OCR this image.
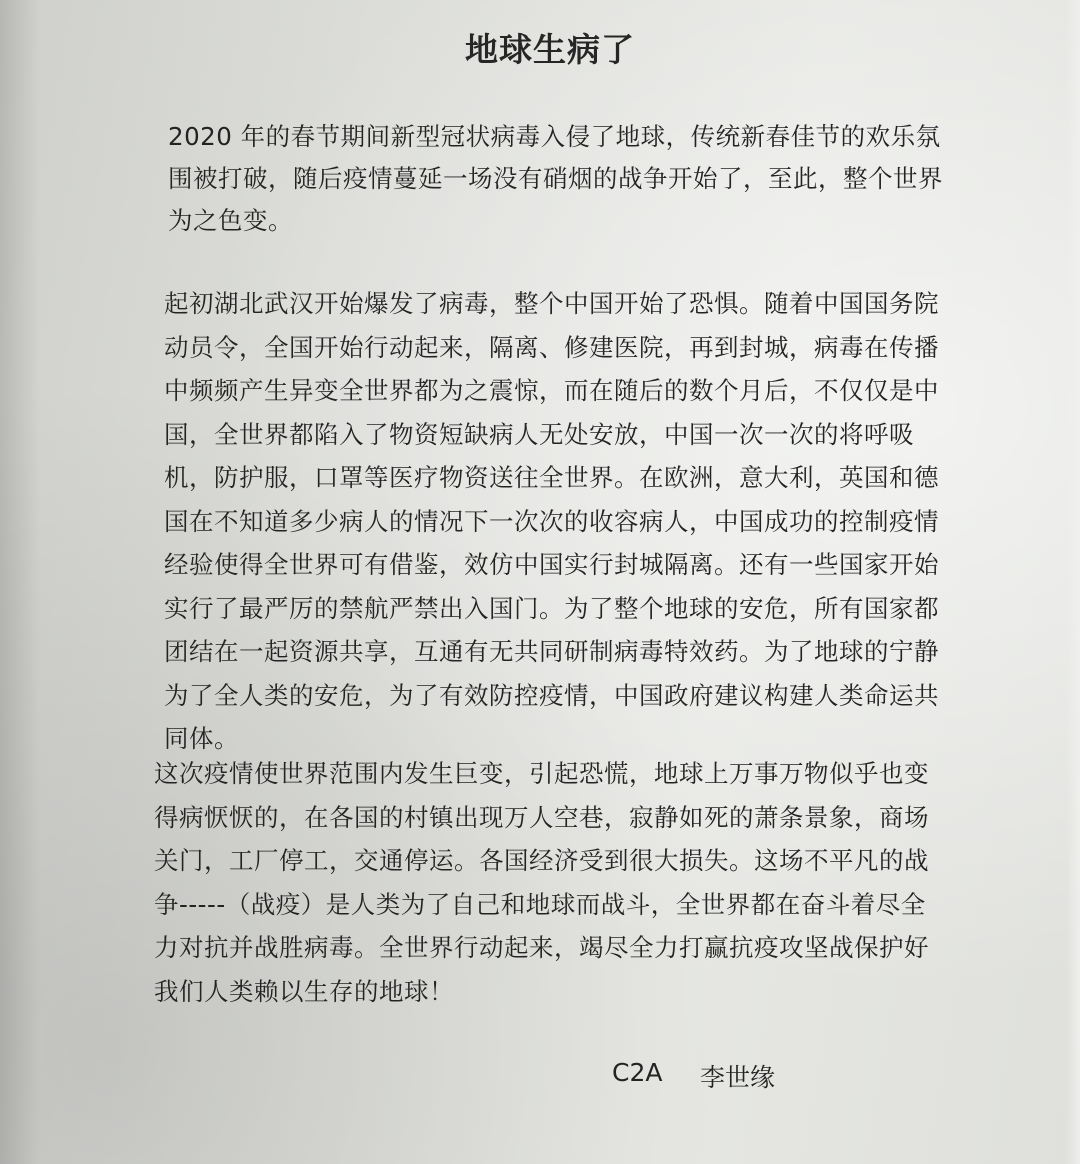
地球生病了

2020 年的春节期间新型冠状病毒入侵了地球，传统新春佳节的欢乐氛围被打破，随后疫情蔓延一场没有硝烟的战争开始了，至此，整个世界为之色变。

起初湖北武汉开始爆发了病毒，整个中国开始了恐惧。随着中国国务院动员令，全国开始行动起来，隔离、修建医院，再到封城，病毒在传播中频频产生异变全世界都为之震惊，而在随后的数个月后，不仅仅是中国，全世界都陷入了物资短缺病人无处安放，中国一次一次的将呼吸机，防护服，口罩等医疗物资送往全世界。在欧洲，意大利，英国和德国在不知道多少病人的情况下一次次的收容病人，中国成功的控制疫情经验使得全世界可有借鉴，效仿中国实行封城隔离。还有一些国家开始实行了最严厉的禁航严禁出入国门。为了整个地球的安危，所有国家都团结在一起资源共享，互通有无共同研制病毒特效药。为了地球的宁静为了全人类的安危，为了有效防控疫情，中国政府建议构建人类命运共同体。

这次疫情使世界范围内发生巨变，引起恐慌，地球上万事万物似乎也变得病恹恹的，在各国的村镇出现万人空巷，寂静如死的萧条景象，商场关门，工厂停工，交通停运。各国经济受到很大损失。这场不平凡的战争-----（战疫）是人类为了自己和地球而战斗，全世界都在奋斗着尽全力对抗并战胜病毒。全世界行动起来，竭尽全力打赢抗疫攻坚战保护好我们人类赖以生存的地球！

C2A 李世缘
